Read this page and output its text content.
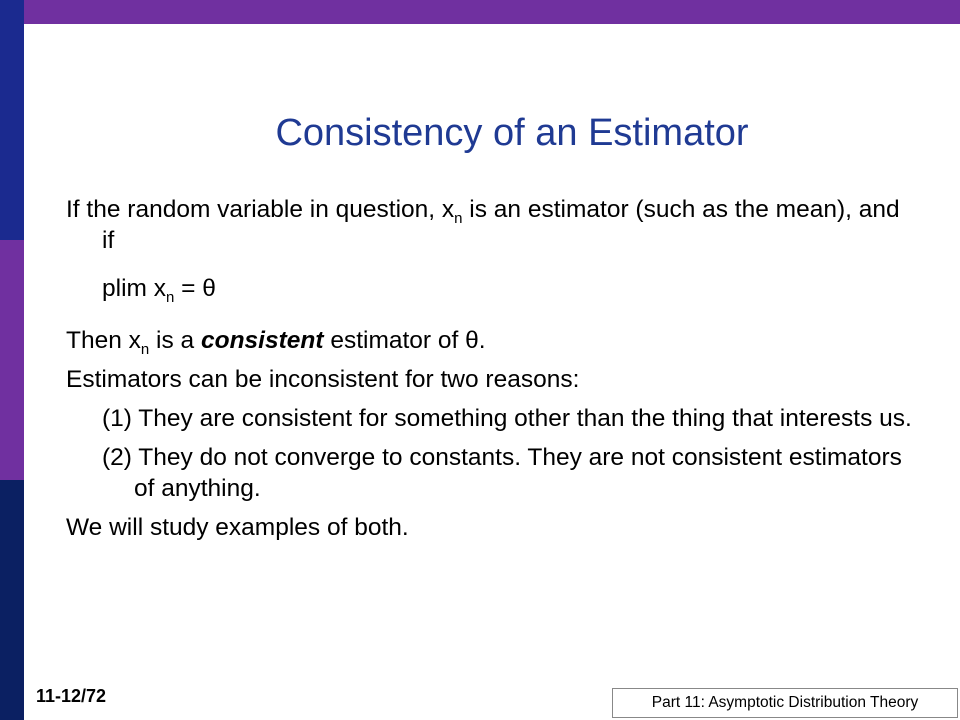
Consistency of an Estimator
If the random variable in question, $x_n$ is an estimator (such as the mean), and if
plim $x_n = \theta$
Then $x_n$ is a consistent estimator of θ.
Estimators can be inconsistent for two reasons:
(1) They are consistent for something other than the thing that interests us.
(2) They do not converge to constants. They are not consistent estimators of anything.
We will study examples of both.
11-12/72	Part 11: Asymptotic Distribution Theory
